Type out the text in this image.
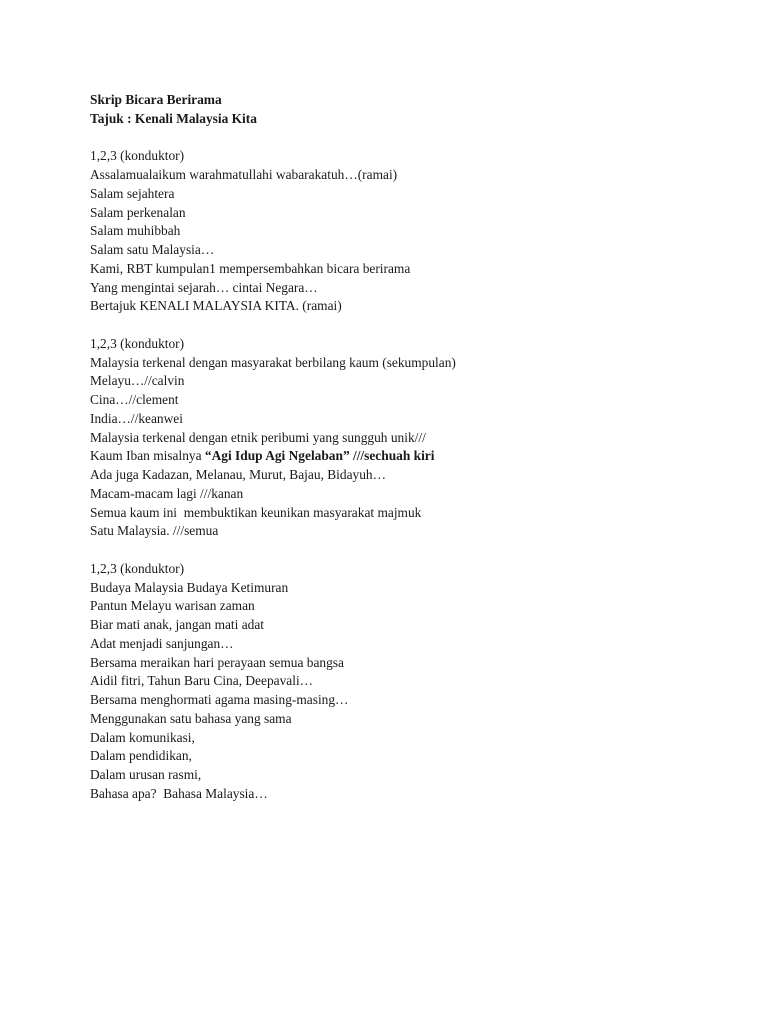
Skrip Bicara Berirama
Tajuk : Kenali Malaysia Kita
1,2,3 (konduktor)
Assalamualaikum warahmatullahi wabarakatuh…(ramai)
Salam sejahtera
Salam perkenalan
Salam muhibbah
Salam satu Malaysia…
Kami, RBT kumpulan1 mempersembahkan bicara berirama
Yang mengintai sejarah… cintai Negara…
Bertajuk KENALI MALAYSIA KITA. (ramai)
1,2,3 (konduktor)
Malaysia terkenal dengan masyarakat berbilang kaum (sekumpulan)
Melayu…//calvin
Cina…//clement
India…//keanwei
Malaysia terkenal dengan etnik peribumi yang sungguh unik///
Kaum Iban misalnya “Agi Idup Agi Ngelaban” ///sechuah kiri
Ada juga Kadazan, Melanau, Murut, Bajau, Bidayuh…
Macam-macam lagi ///kanan
Semua kaum ini  membuktikan keunikan masyarakat majmuk
Satu Malaysia. ///semua
1,2,3 (konduktor)
Budaya Malaysia Budaya Ketimuran
Pantun Melayu warisan zaman
Biar mati anak, jangan mati adat
Adat menjadi sanjungan…
Bersama meraikan hari perayaan semua bangsa
Aidil fitri, Tahun Baru Cina, Deepavali…
Bersama menghormati agama masing-masing…
Menggunakan satu bahasa yang sama
Dalam komunikasi,
Dalam pendidikan,
Dalam urusan rasmi,
Bahasa apa?  Bahasa Malaysia…
